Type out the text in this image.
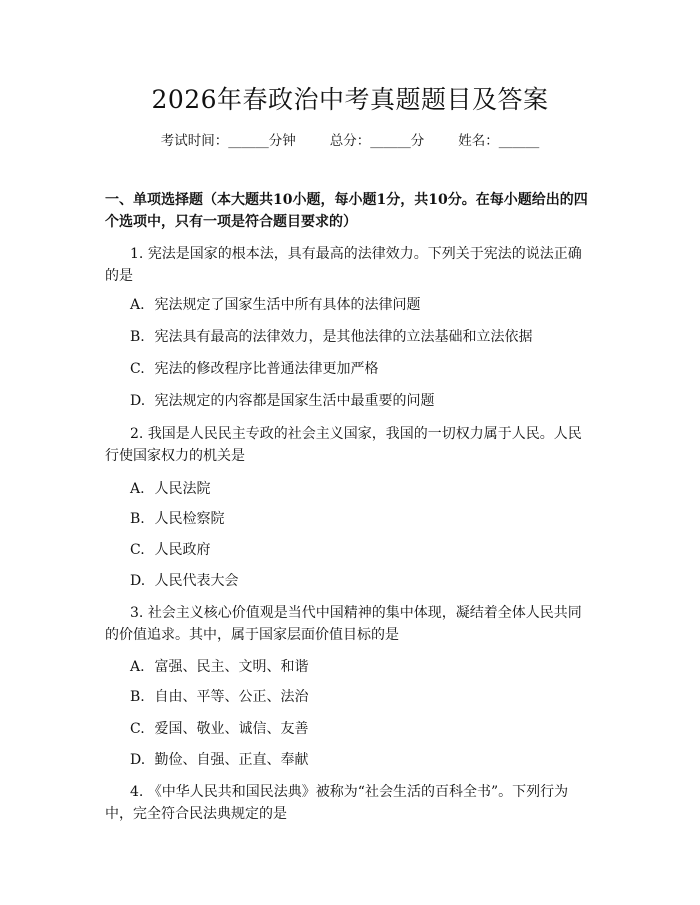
2026年春政治中考真题题目及答案
考试时间：______分钟	总分：______分	姓名：______

一、单项选择题（本大题共10小题，每小题1分，共10分。在每小题给出的四个选项中，只有一项是符合题目要求的）

1. 宪法是国家的根本法，具有最高的法律效力。下列关于宪法的说法正确的是

A. 宪法规定了国家生活中所有具体的法律问题

B. 宪法具有最高的法律效力，是其他法律的立法基础和立法依据

C. 宪法的修改程序比普通法律更加严格

D. 宪法规定的内容都是国家生活中最重要的问题

2. 我国是人民民主专政的社会主义国家，我国的一切权力属于人民。人民行使国家权力的机关是

A. 人民法院

B. 人民检察院

C. 人民政府

D. 人民代表大会

3. 社会主义核心价值观是当代中国精神的集中体现，凝结着全体人民共同的价值追求。其中，属于国家层面价值目标的是

A. 富强、民主、文明、和谐

B. 自由、平等、公正、法治

C. 爱国、敬业、诚信、友善

D. 勤俭、自强、正直、奉献

4. 《中华人民共和国民法典》被称为“社会生活的百科全书”。下列行为中，完全符合民法典规定的是
